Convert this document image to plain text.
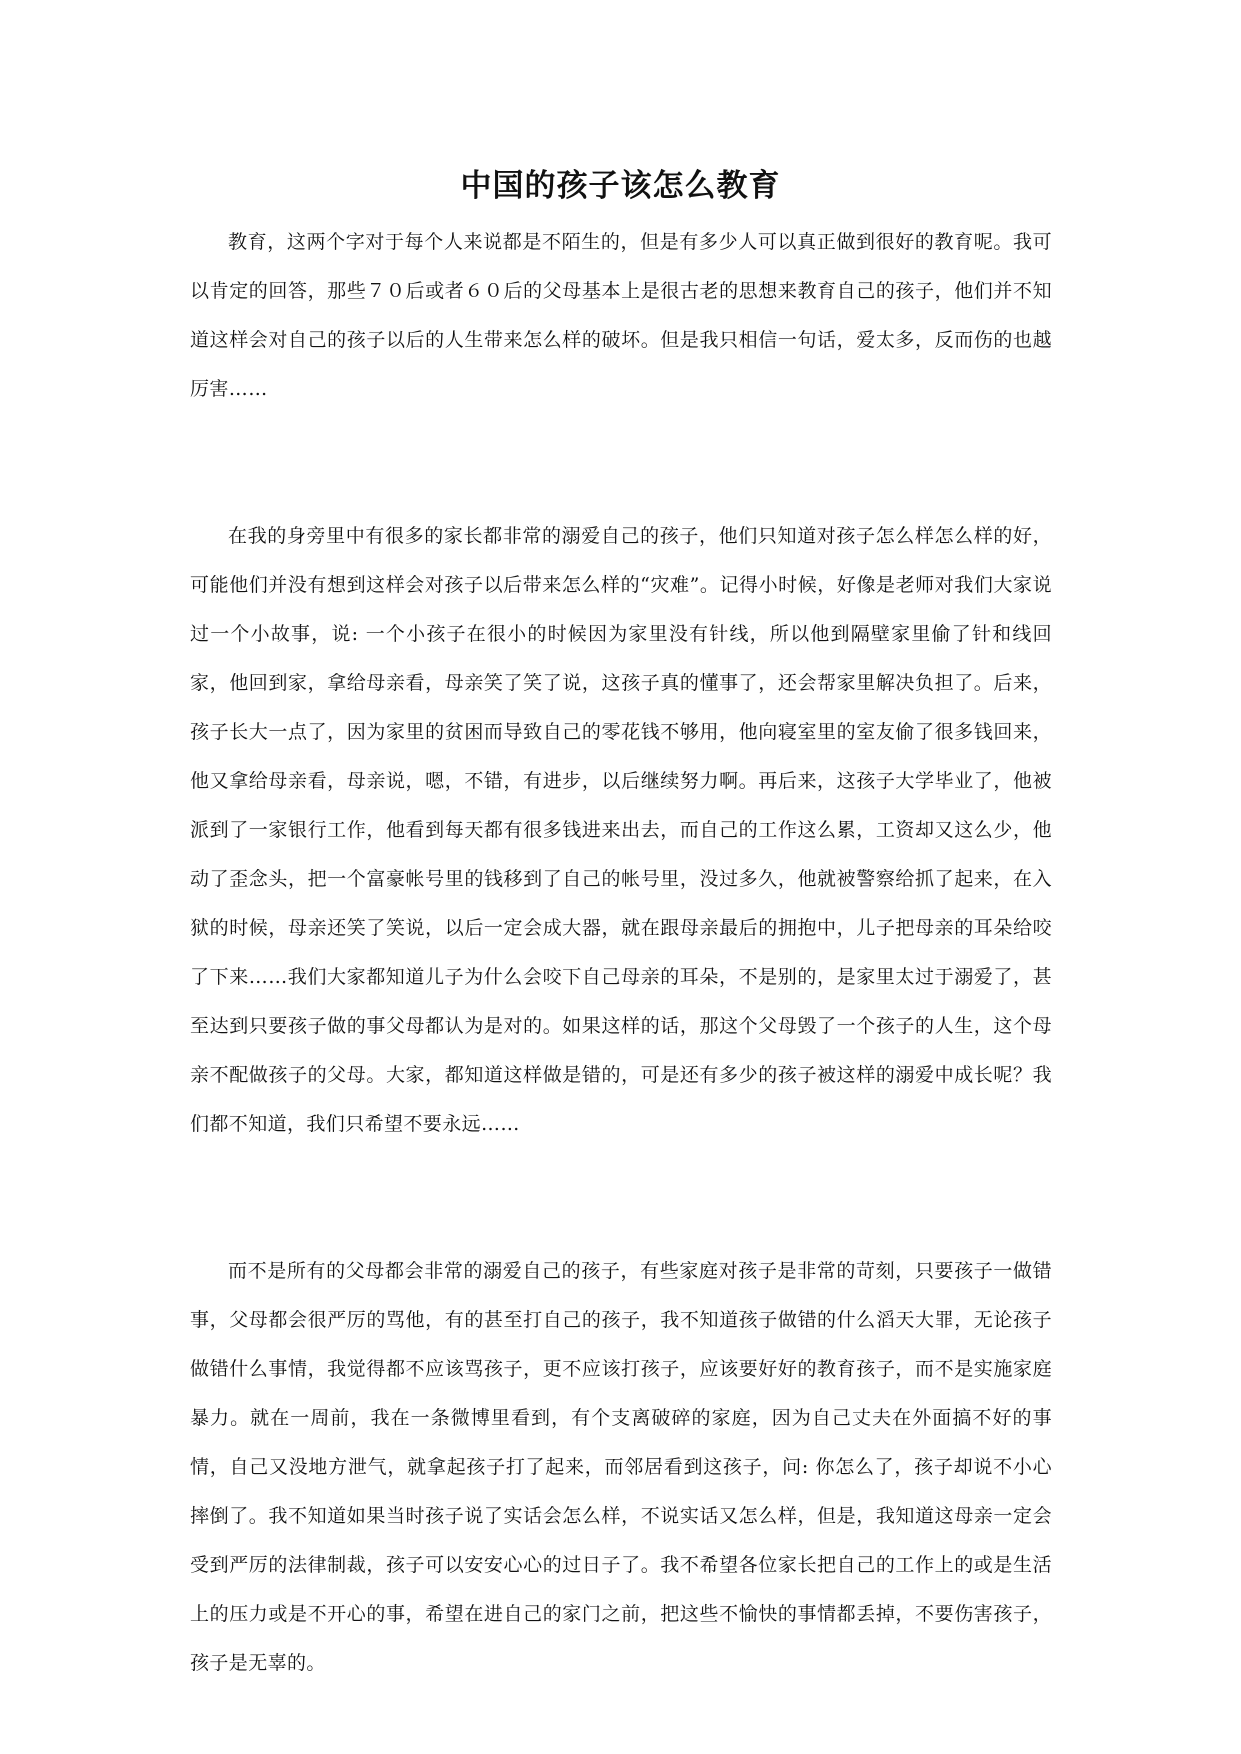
中国的孩子该怎么教育

教育，这两个字对于每个人来说都是不陌生的，但是有多少人可以真正做到很好的教育呢。我可以肯定的回答，那些７０后或者６０后的父母基本上是很古老的思想来教育自己的孩子，他们并不知道这样会对自己的孩子以后的人生带来怎么样的破坏。但是我只相信一句话，爱太多，反而伤的也越厉害……

在我的身旁里中有很多的家长都非常的溺爱自己的孩子，他们只知道对孩子怎么样怎么样的好，可能他们并没有想到这样会对孩子以后带来怎么样的“灾难”。记得小时候，好像是老师对我们大家说过一个小故事，说: 一个小孩子在很小的时候因为家里没有针线，所以他到隔壁家里偷了针和线回家，他回到家，拿给母亲看，母亲笑了笑了说，这孩子真的懂事了，还会帮家里解决负担了。后来，孩子长大一点了，因为家里的贫困而导致自己的零花钱不够用，他向寝室里的室友偷了很多钱回来，他又拿给母亲看，母亲说，嗯，不错，有进步，以后继续努力啊。再后来，这孩子大学毕业了，他被派到了一家银行工作，他看到每天都有很多钱进来出去，而自己的工作这么累，工资却又这么少，他动了歪念头，把一个富豪帐号里的钱移到了自己的帐号里，没过多久，他就被警察给抓了起来，在入狱的时候，母亲还笑了笑说，以后一定会成大器，就在跟母亲最后的拥抱中，儿子把母亲的耳朵给咬了下来……我们大家都知道儿子为什么会咬下自己母亲的耳朵，不是别的，是家里太过于溺爱了，甚至达到只要孩子做的事父母都认为是对的。如果这样的话，那这个父母毁了一个孩子的人生，这个母亲不配做孩子的父母。大家，都知道这样做是错的，可是还有多少的孩子被这样的溺爱中成长呢？我们都不知道，我们只希望不要永远……

而不是所有的父母都会非常的溺爱自己的孩子，有些家庭对孩子是非常的苛刻，只要孩子一做错事，父母都会很严厉的骂他，有的甚至打自己的孩子，我不知道孩子做错的什么滔天大罪，无论孩子做错什么事情，我觉得都不应该骂孩子，更不应该打孩子，应该要好好的教育孩子，而不是实施家庭暴力。就在一周前，我在一条微博里看到，有个支离破碎的家庭，因为自己丈夫在外面搞不好的事情，自己又没地方泄气，就拿起孩子打了起来，而邻居看到这孩子，问: 你怎么了，孩子却说不小心摔倒了。我不知道如果当时孩子说了实话会怎么样，不说实话又怎么样，但是，我知道这母亲一定会受到严厉的法律制裁，孩子可以安安心心的过日子了。我不希望各位家长把自己的工作上的或是生活上的压力或是不开心的事，希望在进自己的家门之前，把这些不愉快的事情都丢掉，不要伤害孩子，孩子是无辜的。
